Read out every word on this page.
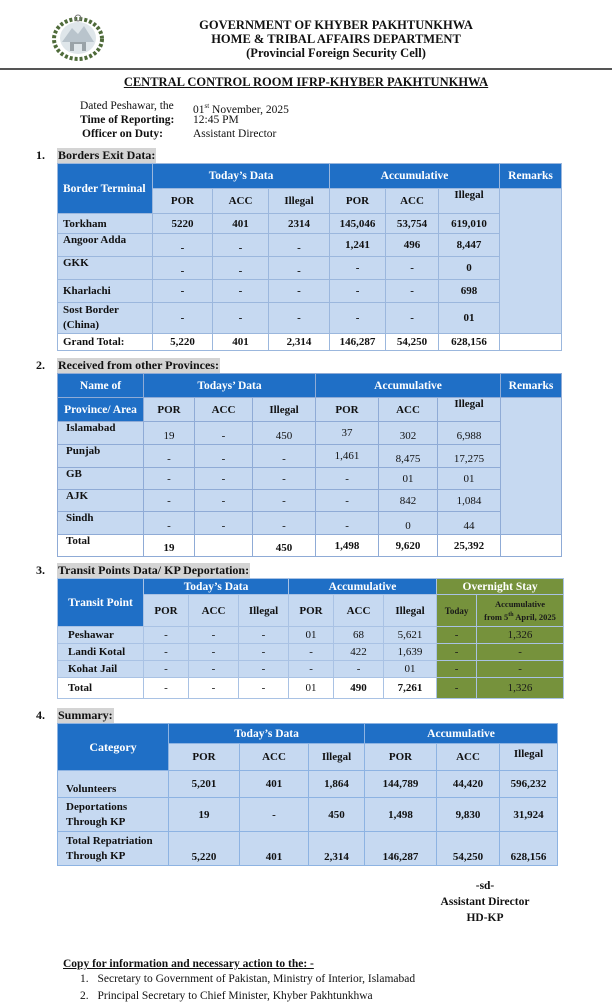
GOVERNMENT OF KHYBER PAKHTUNKHWA
HOME & TRIBAL AFFAIRS DEPARTMENT
(Provincial Foreign Security Cell)
CENTRAL CONTROL ROOM IFRP-KHYBER PAKHTUNKHWA
Dated Peshawar, the	01st November, 2025
Time of Reporting:	12:45 PM
Officer on Duty:	Assistant Director
1. Borders Exit Data:
Border Terminal	Today’s Data			Accumulative			Remarks
	POR	ACC	Illegal	POR	ACC	Illegal	
Torkham	5220	401	2314	145,046	53,754	619,010	
Angoor Adda	-	-	-	1,241	496	8,447	
GKK	-	-	-	-	-	0	
Kharlachi	-	-	-	-	-	698	
Sost Border (China)	-	-	-	-	-	01	
Grand Total:	5,220	401	2,314	146,287	54,250	628,156	
2. Received from other Provinces:
Name of	Todays’ Data			Accumulative			Remarks
Province/ Area	POR	ACC	Illegal	POR	ACC	Illegal	
Islamabad	19	-	450	37	302	6,988	
Punjab	-	-	-	1,461	8,475	17,275	
GB	-	-	-	-	01	01	
AJK	-	-	-	-	842	1,084	
Sindh	-	-	-	-	0	44	
Total	19		450	1,498	9,620	25,392	
3. Transit Points Data/ KP Deportation:
Transit Point	Today’s Data			Accumulative			Overnight Stay	
	POR	ACC	Illegal	POR	ACC	Illegal	Today	Accumulative
from 5th April, 2025
Peshawar	-	-	-	01	68	5,621	-	1,326
Landi Kotal	-	-	-	-	422	1,639	-	-
Kohat Jail	-	-	-	-	-	01	-	-
Total	-	-	-	01	490	7,261	-	1,326
4. Summary:
Category	Today’s Data			Accumulative		
	POR	ACC	Illegal	POR	ACC	Illegal
Volunteers	5,201	401	1,864	144,789	44,420	596,232
Deportations Through KP	19	-	450	1,498	9,830	31,924
Total Repatriation Through KP	5,220	401	2,314	146,287	54,250	628,156
-sd-
Assistant Director
HD-KP
Copy for information and necessary action to the: -
1. Secretary to Government of Pakistan, Ministry of Interior, Islamabad
2. Principal Secretary to Chief Minister, Khyber Pakhtunkhwa
